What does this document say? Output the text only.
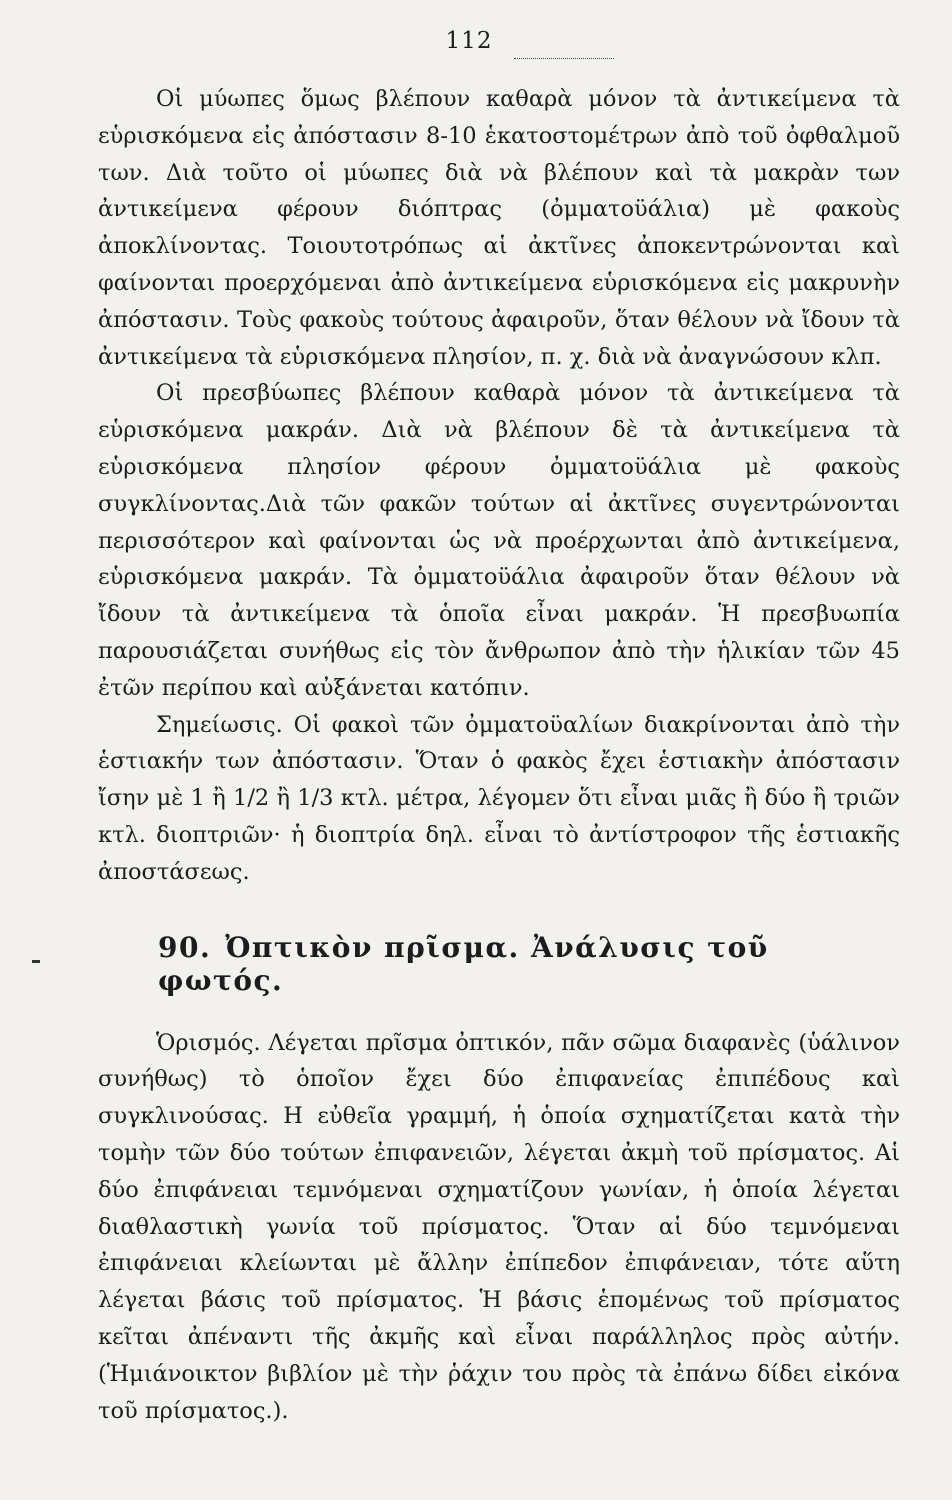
112

Οἱ μύωπες ὅμως βλέπουν καθαρὰ μόνον τὰ ἀντικείμενα τὰ εὑρισκόμενα εἰς ἀπόστασιν 8-10 ἑκατοστομέτρων ἀπὸ τοῦ ὀφθαλμοῦ των. Διὰ τοῦτο οἱ μύωπες διὰ νὰ βλέπουν καὶ τὰ μακρὰν των ἀντικείμενα φέρουν διόπτρας (ὀμματοϋάλια) μὲ φακοὺς ἀποκλίνοντας. Τοιουτοτρόπως αἱ ἀκτῖνες ἀποκεντρώνονται καὶ φαίνονται προερχόμεναι ἀπὸ ἀντικείμενα εὑρισκόμενα εἰς μακρυνὴν ἀπόστασιν. Τοὺς φακοὺς τούτους ἀφαιροῦν, ὅταν θέλουν νὰ ἴδουν τὰ ἀντικείμενα τὰ εὑρισκόμενα πλησίον, π. χ. διὰ νὰ ἀναγνώσουν κλπ.

Οἱ πρεσβύωπες βλέπουν καθαρὰ μόνον τὰ ἀντικείμενα τὰ εὑρισκόμενα μακράν. Διὰ νὰ βλέπουν δὲ τὰ ἀντικείμενα τὰ εὑρισκόμενα πλησίον φέρουν ὀμματοϋάλια μὲ φακοὺς συγκλίνοντας.Διὰ τῶν φακῶν τούτων αἱ ἀκτῖνες συγεντρώνονται περισσότερον καὶ φαίνονται ὡς νὰ προέρχωνται ἀπὸ ἀντικείμενα, εὑρισκόμενα μακράν. Τὰ ὀμματοϋάλια ἀφαιροῦν ὅταν θέλουν νὰ ἴδουν τὰ ἀντικείμενα τὰ ὁποῖα εἶναι μακράν. Ἡ πρεσβυωπία παρουσιάζεται συνήθως εἰς τὸν ἄνθρωπον ἀπὸ τὴν ἡλικίαν τῶν 45 ἐτῶν περίπου καὶ αὐξάνεται κατόπιν.

Σημείωσις. Οἱ φακοὶ τῶν ὀμματοϋαλίων διακρίνονται ἀπὸ τὴν ἑστιακήν των ἀπόστασιν. Ὅταν ὁ φακὸς ἔχει ἑστιακὴν ἀπόστασιν ἴσην μὲ 1 ἢ 1/2 ἢ 1/3 κτλ. μέτρα, λέγομεν ὅτι εἶναι μιᾶς ἢ δύο ἢ τριῶν κτλ. διοπτριῶν· ἡ διοπτρία δηλ. εἶναι τὸ ἀντίστροφον τῆς ἑστιακῆς ἀποστάσεως.

90. Ὀπτικὸν πρῖσμα. Ἀνάλυσις τοῦ φωτός.

Ὁρισμός. Λέγεται πρῖσμα ὀπτικόν, πᾶν σῶμα διαφανὲς (ὑάλινον συνήθως) τὸ ὁποῖον ἔχει δύο ἐπιφανείας ἐπιπέδους καὶ συγκλινούσας. Η εὐθεῖα γραμμή, ἡ ὁποία σχηματίζεται κατὰ τὴν τομὴν τῶν δύο τούτων ἐπιφανειῶν, λέγεται ἀκμὴ τοῦ πρίσματος. Αἱ δύο ἐπιφάνειαι τεμνόμεναι σχηματίζουν γωνίαν, ἡ ὁποία λέγεται διαθλαστικὴ γωνία τοῦ πρίσματος. Ὅταν αἱ δύο τεμνόμεναι ἐπιφάνειαι κλείωνται μὲ ἄλλην ἐπίπεδον ἐπιφάνειαν, τότε αὕτη λέγεται βάσις τοῦ πρίσματος. Ἡ βάσις ἑπομένως τοῦ πρίσματος κεῖται ἀπέναντι τῆς ἀκμῆς καὶ εἶναι παράλληλος πρὸς αὐτήν. (Ἡμιάνοικτον βιβλίον μὲ τὴν ῥάχιν του πρὸς τὰ ἐπάνω δίδει εἰκόνα τοῦ πρίσματος.).
